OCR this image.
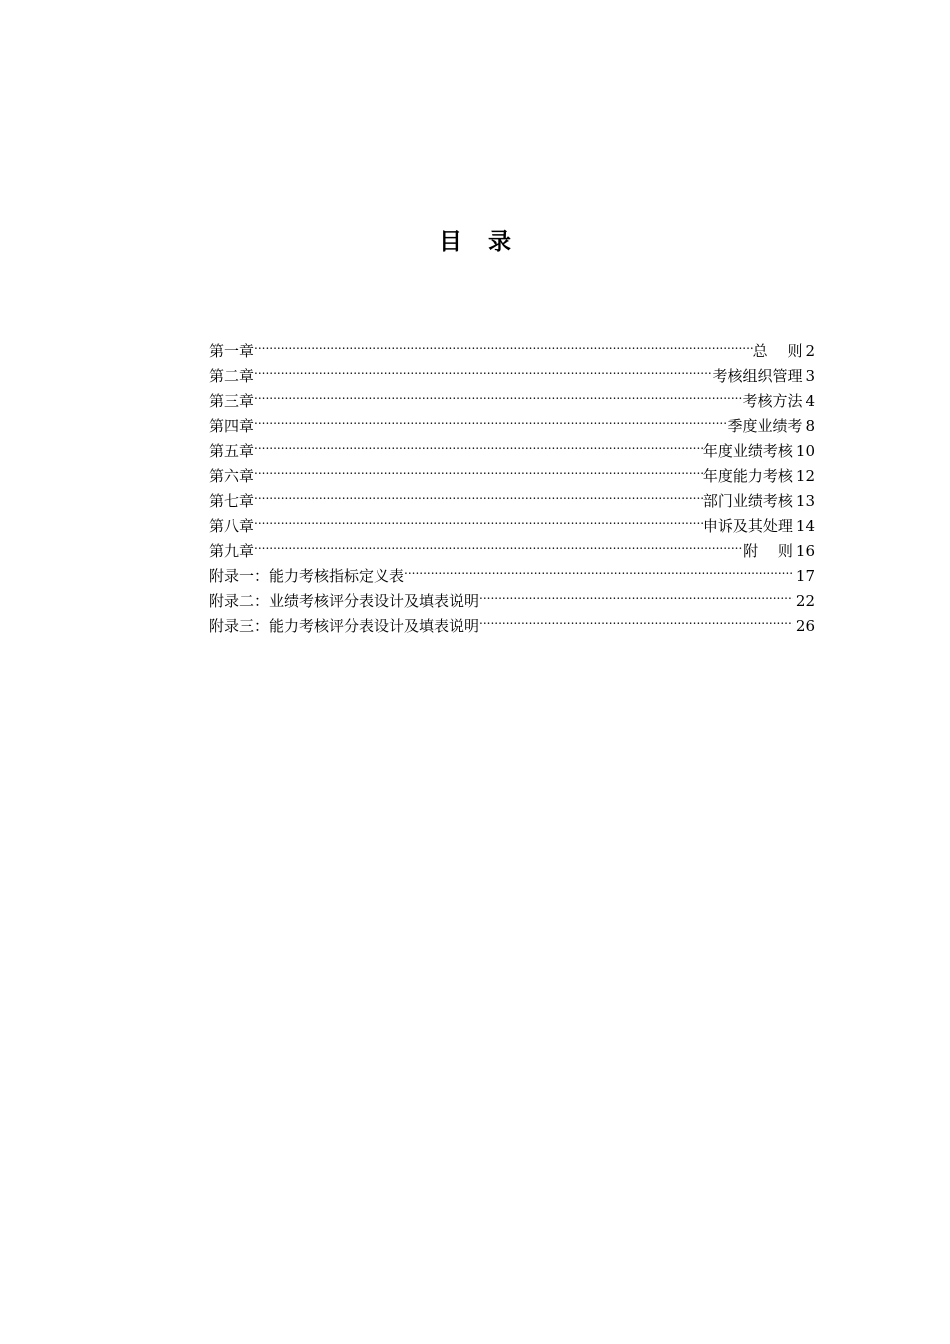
目 录
第一章 .....	总　 则 2
第二章 .....	考核组织管理 3
第三章 .....	考核方法 4
第四章 .....	季度业绩考 8
第五章 .....	年度业绩考核 10
第六章 .....	年度能力考核 12
第七章 .....	部门业绩考核 13
第八章 .....	申诉及其处理 14
第九章 .....	附　 则 16
附录一：能力考核指标定义表 .....	17
附录二：业绩考核评分表设计及填表说明 .....	22
附录三：能力考核评分表设计及填表说明 .....	26
